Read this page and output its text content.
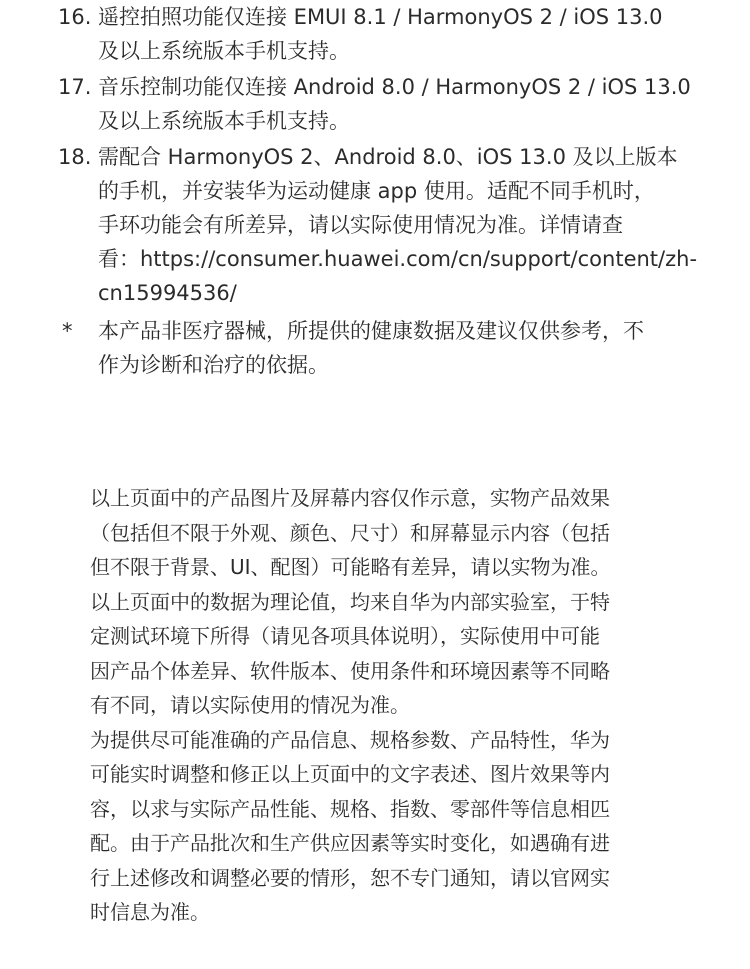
16. 遥控拍照功能仅连接 EMUI 8.1 / HarmonyOS 2 / iOS 13.0
及以上系统版本手机支持。
17. 音乐控制功能仅连接 Android 8.0 / HarmonyOS 2 / iOS 13.0
及以上系统版本手机支持。
18. 需配合 HarmonyOS 2、Android 8.0、iOS 13.0 及以上版本
的手机，并安装华为运动健康 app 使用。适配不同手机时，
手环功能会有所差异，请以实际使用情况为准。详情请查
看：https://consumer.huawei.com/cn/support/content/zh-
cn15994536/
* 本产品非医疗器械，所提供的健康数据及建议仅供参考，不
作为诊断和治疗的依据。
以上页面中的产品图片及屏幕内容仅作示意，实物产品效果
（包括但不限于外观、颜色、尺寸）和屏幕显示内容（包括
但不限于背景、UI、配图）可能略有差异，请以实物为准。
以上页面中的数据为理论值，均来自华为内部实验室，于特
定测试环境下所得（请见各项具体说明），实际使用中可能
因产品个体差异、软件版本、使用条件和环境因素等不同略
有不同，请以实际使用的情况为准。
为提供尽可能准确的产品信息、规格参数、产品特性，华为
可能实时调整和修正以上页面中的文字表述、图片效果等内
容，以求与实际产品性能、规格、指数、零部件等信息相匹
配。由于产品批次和生产供应因素等实时变化，如遇确有进
行上述修改和调整必要的情形，恕不专门通知，请以官网实
时信息为准。
